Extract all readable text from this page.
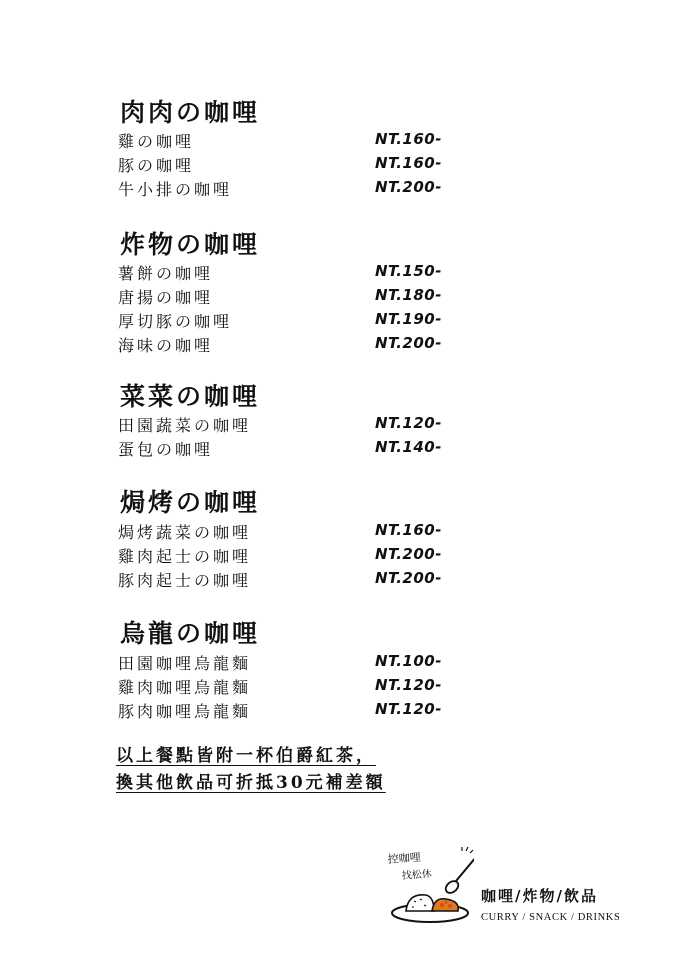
肉肉の咖哩
雞の咖哩	NT.160-
豚の咖哩	NT.160-
牛小排の咖哩	NT.200-
炸物の咖哩
薯餅の咖哩	NT.150-
唐揚の咖哩	NT.180-
厚切豚の咖哩	NT.190-
海味の咖哩	NT.200-
菜菜の咖哩
田園蔬菜の咖哩	NT.120-
蛋包の咖哩	NT.140-
焗烤の咖哩
焗烤蔬菜の咖哩	NT.160-
雞肉起士の咖哩	NT.200-
豚肉起士の咖哩	NT.200-
烏龍の咖哩
田園咖哩烏龍麵	NT.100-
雞肉咖哩烏龍麵	NT.120-
豚肉咖哩烏龍麵	NT.120-
以上餐點皆附一杯伯爵紅茶，
換其他飲品可折抵30元補差額
控咖哩
找松休
咖哩/炸物/飲品
CURRY / SNACK / DRINKS
